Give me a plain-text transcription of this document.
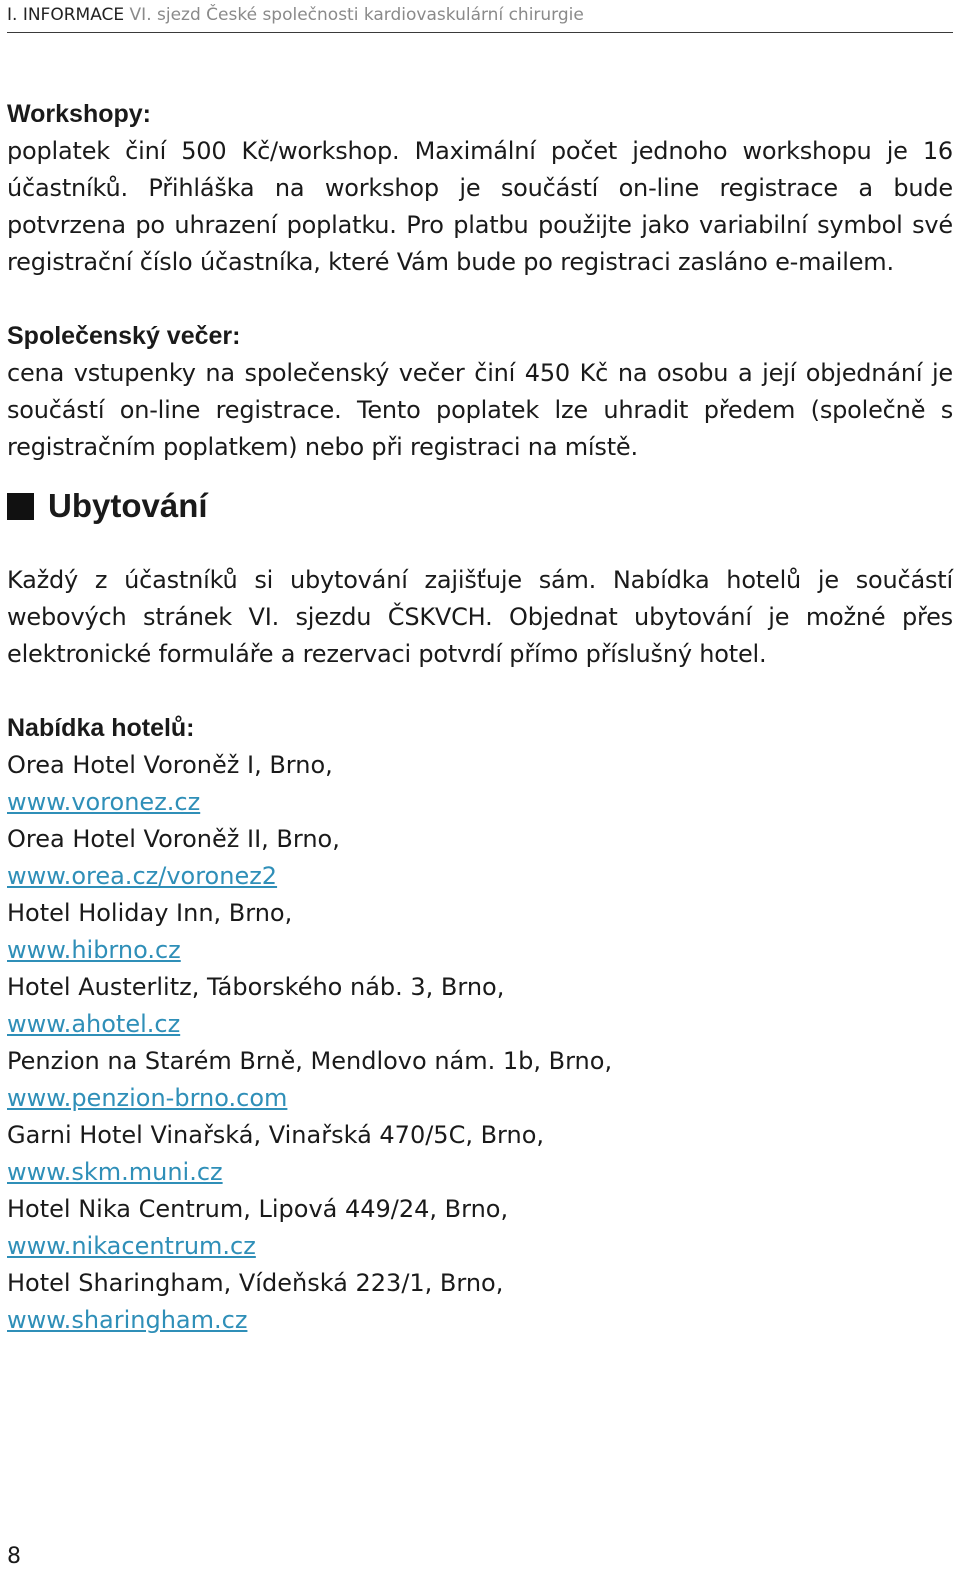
I. INFORMACE VI. sjezd České společnosti kardiovaskulární chirurgie

Workshopy:

poplatek činí 500 Kč/workshop. Maximální počet jednoho workshopu je 16 účastníků. Přihláška na workshop je součástí on-line registrace a bude potvrzena po uhrazení poplatku. Pro platbu použijte jako variabilní symbol své registrační číslo účastníka, které Vám bude po registraci zasláno e-mailem.

Společenský večer:

cena vstupenky na společenský večer činí 450 Kč na osobu a její objednání je součástí on-line registrace. Tento poplatek lze uhradit předem (společně s registračním poplatkem) nebo při registraci na místě.

Ubytování

Každý z účastníků si ubytování zajišťuje sám. Nabídka hotelů je součástí webových stránek VI. sjezdu ČSKVCH. Objednat ubytování je možné přes elektronické formuláře a rezervaci potvrdí přímo příslušný hotel.

Nabídka hotelů:

Orea Hotel Voroněž I, Brno,

www.voronez.cz

Orea Hotel Voroněž II, Brno,

www.orea.cz/voronez2

Hotel Holiday Inn, Brno,

www.hibrno.cz

Hotel Austerlitz, Táborského náb. 3, Brno,

www.ahotel.cz

Penzion na Starém Brně, Mendlovo nám. 1b, Brno,

www.penzion-brno.com

Garni Hotel Vinařská, Vinařská 470/5C, Brno,

www.skm.muni.cz

Hotel Nika Centrum, Lipová 449/24, Brno,

www.nikacentrum.cz

Hotel Sharingham, Vídeňská 223/1, Brno,

www.sharingham.cz

8
